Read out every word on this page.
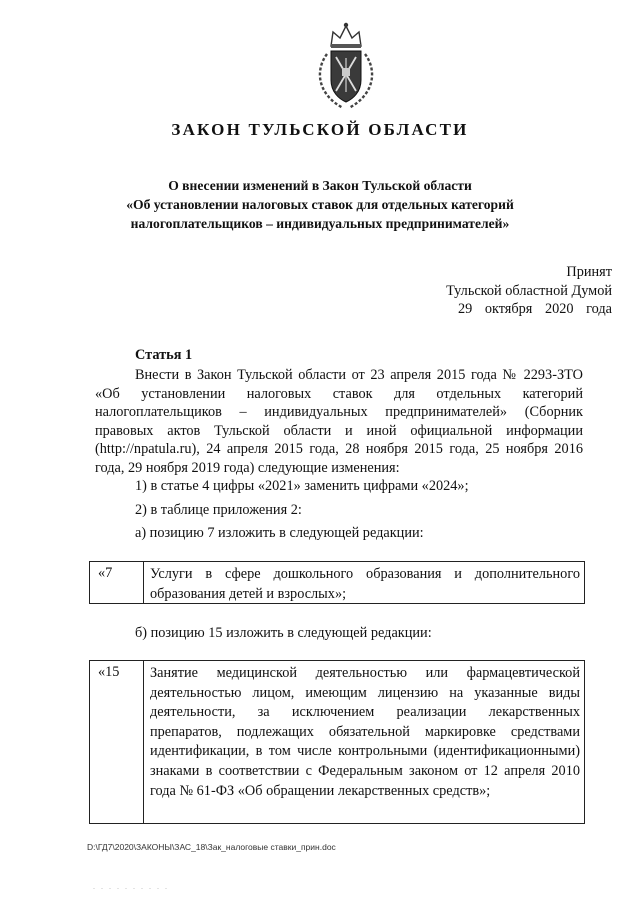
ЗАКОН ТУЛЬСКОЙ ОБЛАСТИ
О внесении изменений в Закон Тульской области
«Об установлении налоговых ставок для отдельных категорий
налогоплательщиков – индивидуальных предпринимателей»
Принят
Тульской областной Думой
29 октября 2020 года
Статья 1
Внести в Закон Тульской области от 23 апреля 2015 года № 2293-ЗТО «Об установлении налоговых ставок для отдельных категорий налогоплательщиков – индивидуальных предпринимателей» (Сборник правовых актов Тульской области и иной официальной информации (http://npatula.ru), 24 апреля 2015 года, 28 ноября 2015 года, 25 ноября 2016 года, 29 ноября 2019 года) следующие изменения:
1) в статье 4 цифры «2021» заменить цифрами «2024»;
2) в таблице приложения 2:
а) позицию 7 изложить в следующей редакции:
«7	Услуги в сфере дошкольного образования и дополнительного образования детей и взрослых»;
б) позицию 15 изложить в следующей редакции:
«15	Занятие медицинской деятельностью или фармацевтической деятельностью лицом, имеющим лицензию на указанные виды деятельности, за исключением реализации лекарственных препаратов, подлежащих обязательной маркировке средствами идентификации, в том числе контрольными (идентификационными) знаками в соответствии с Федеральным законом от 12 апреля 2010 года № 61-ФЗ «Об обращении лекарственных средств»;
D:\ГД7\2020\ЗАКОНЫ\ЗАС_18\Зак_налоговые ставки_прин.doc
. . . . . . . . . .
